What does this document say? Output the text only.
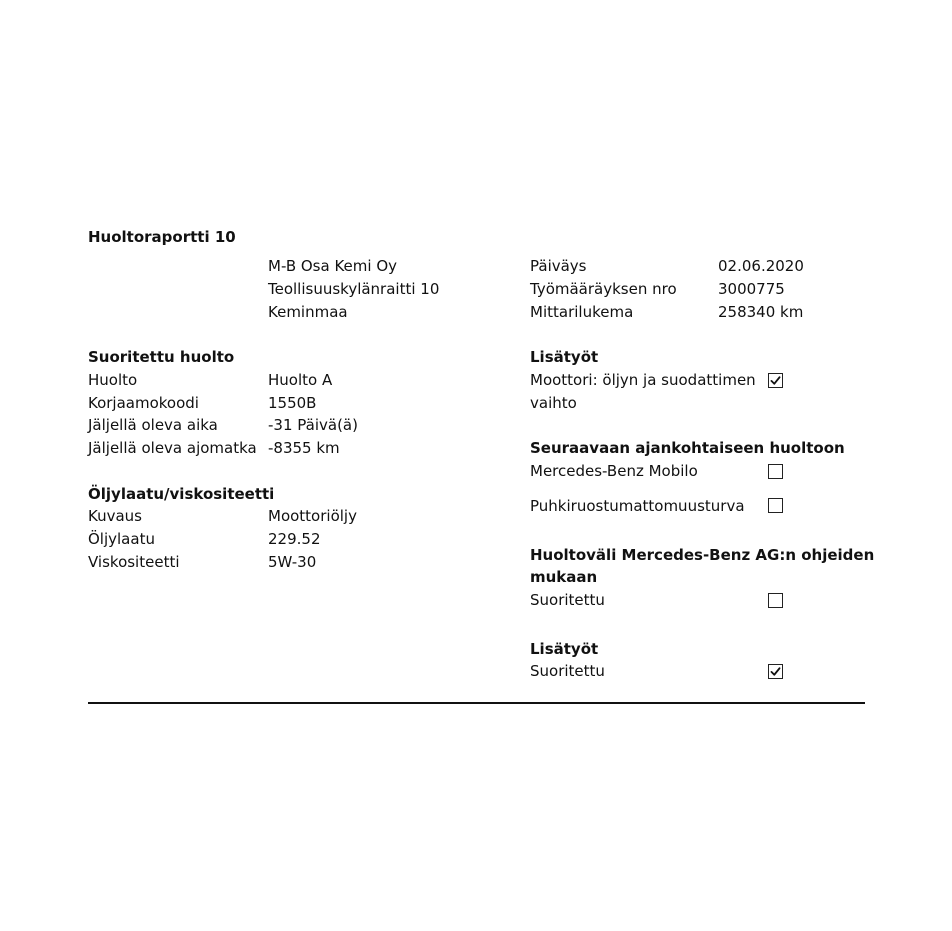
Huoltoraportti 10
M-B Osa Kemi Oy
Teollisuuskylänraitti 10
Keminmaa
Päiväys	02.06.2020
Työmääräyksen nro	3000775
Mittarilukema	258340 km
Suoritettu huolto
Huolto	Huolto A
Korjaamokoodi	1550B
Jäljellä oleva aika	-31 Päivä(ä)
Jäljellä oleva ajomatka -8355 km
Öljylaatu/viskositeetti
Kuvaus	Moottoriöljy
Öljylaatu	229.52
Viskositeetti	5W-30
Lisätyöt
Moottori: öljyn ja suodattimen
vaihto
Seuraavaan ajankohtaiseen huoltoon
Mercedes-Benz Mobilo
Puhkiruostumattomuusturva
Huoltoväli Mercedes-Benz AG:n ohjeiden
mukaan
Suoritettu
Lisätyöt
Suoritettu
